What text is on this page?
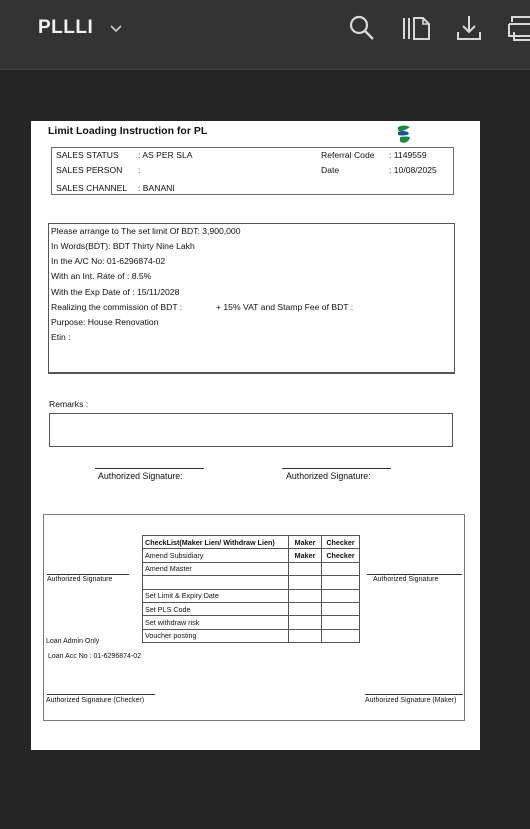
PLLLI
Limit Loading Instruction for PL
SALES STATUS : AS PER SLA
SALES PERSON :
SALES CHANNEL : BANANI
Referral Code : 1149559
Date	: 10/08/2025
Please arrange to The set limit Of BDT: 3,900,000
In Words(BDT): BDT Thirty Nine Lakh
In the A/C No: 01-6296874-02
With an Int. Rate of : 8.5%
With the Exp Date of : 15/11/2028
Realizing the commission of BDT :	+ 15% VAT and Stamp Fee of BDT :
Purpose: House Renovation
Etin :
Remarks :
Authorized Signature:	Authorized Signature:
CheckList(Maker Lien/ Withdraw Lien)	Maker	Checker
Amend Subsidiary	Maker	Checker
Amend Master		

Set Limit & Expiry Date		
Set PLS Code		
Set withdraw risk		
Voucher posting		
Authorized Signature	Authorized Signature
Loan Admin Only
Loan Acc No : 01-6296874-02
Authorized Signature (Checker)	Authorized Signature (Maker)
